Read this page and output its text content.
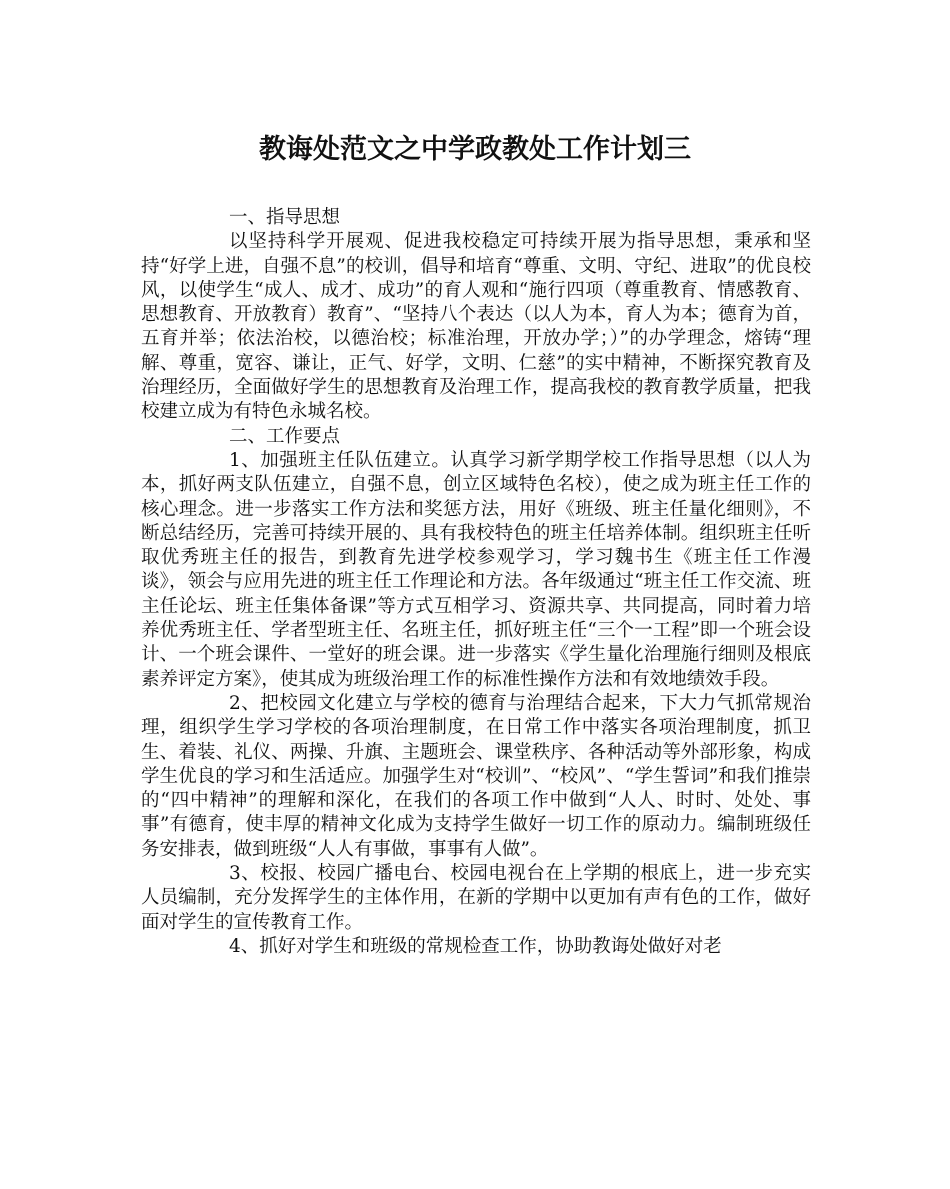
教诲处范文之中学政教处工作计划三

一、指导思想

以坚持科学开展观、促进我校稳定可持续开展为指导思想，秉承和坚持“好学上进，自强不息”的校训，倡导和培育“尊重、文明、守纪、进取”的优良校风，以使学生“成人、成才、成功”的育人观和“施行四项（尊重教育、情感教育、思想教育、开放教育）教育”、“坚持八个表达（以人为本，育人为本；德育为首，五育并举；依法治校，以德治校；标准治理，开放办学；）”的办学理念，熔铸“理解、尊重，宽容、谦让，正气、好学，文明、仁慈”的实中精神，不断探究教育及治理经历，全面做好学生的思想教育及治理工作，提高我校的教育教学质量，把我校建立成为有特色永城名校。

二、工作要点

1、加强班主任队伍建立。认真学习新学期学校工作指导思想（以人为本，抓好两支队伍建立，自强不息，创立区域特色名校），使之成为班主任工作的核心理念。进一步落实工作方法和奖惩方法，用好《班级、班主任量化细则》，不断总结经历，完善可持续开展的、具有我校特色的班主任培养体制。组织班主任听取优秀班主任的报告，到教育先进学校参观学习，学习魏书生《班主任工作漫谈》，领会与应用先进的班主任工作理论和方法。各年级通过“班主任工作交流、班主任论坛、班主任集体备课”等方式互相学习、资源共享、共同提高，同时着力培养优秀班主任、学者型班主任、名班主任，抓好班主任“三个一工程”即一个班会设计、一个班会课件、一堂好的班会课。进一步落实《学生量化治理施行细则及根底素养评定方案》，使其成为班级治理工作的标准性操作方法和有效地绩效手段。

2、把校园文化建立与学校的德育与治理结合起来，下大力气抓常规治理，组织学生学习学校的各项治理制度，在日常工作中落实各项治理制度，抓卫生、着装、礼仪、两操、升旗、主题班会、课堂秩序、各种活动等外部形象，构成学生优良的学习和生活适应。加强学生对“校训”、“校风”、“学生誓词”和我们推崇的“四中精神”的理解和深化，在我们的各项工作中做到“人人、时时、处处、事事”有德育，使丰厚的精神文化成为支持学生做好一切工作的原动力。编制班级任务安排表，做到班级“人人有事做，事事有人做”。

3、校报、校园广播电台、校园电视台在上学期的根底上，进一步充实人员编制，充分发挥学生的主体作用，在新的学期中以更加有声有色的工作，做好面对学生的宣传教育工作。

4、抓好对学生和班级的常规检查工作，协助教诲处做好对老
